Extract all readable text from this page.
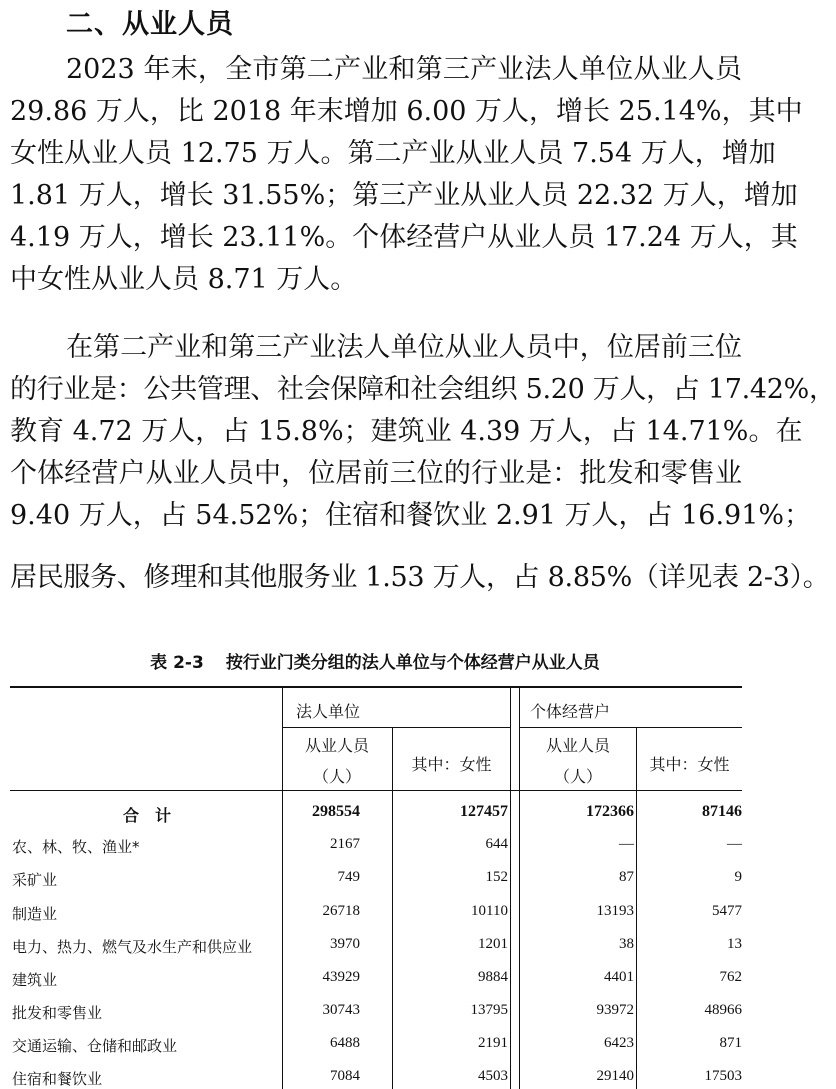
二、从业人员
2023 年末，全市第二产业和第三产业法人单位从业人员
29.86 万人，比 2018 年末增加 6.00 万人，增长 25.14%，其中
女性从业人员 12.75 万人。第二产业从业人员 7.54 万人，增加
1.81 万人，增长 31.55%；第三产业从业人员 22.32 万人，增加
4.19 万人，增长 23.11%。个体经营户从业人员 17.24 万人，其
中女性从业人员 8.71 万人。
在第二产业和第三产业法人单位从业人员中，位居前三位
的行业是：公共管理、社会保障和社会组织 5.20 万人，占 17.42%，
教育 4.72 万人，占 15.8%；建筑业 4.39 万人，占 14.71%。在
个体经营户从业人员中，位居前三位的行业是：批发和零售业
9.40 万人，占 54.52%；住宿和餐饮业 2.91 万人，占 16.91%；
居民服务、修理和其他服务业 1.53 万人，占 8.85%（详见表 2-3）。
表 2-3 按行业门类分组的法人单位与个体经营户从业人员
法人单位	个体经营户
从业人员
（人）
其中：女性
从业人员
（人）
其中：女性
合　计	298554	127457	172366	87146
农、林、牧、渔业*	2167	644	—	—
采矿业	749	152	87	9
制造业	26718	10110	13193	5477
电力、热力、燃气及水生产和供应业	3970	1201	38	13
建筑业	43929	9884	4401	762
批发和零售业	30743	13795	93972	48966
交通运输、仓储和邮政业	6488	2191	6423	871
住宿和餐饮业	7084	4503	29140	17503
